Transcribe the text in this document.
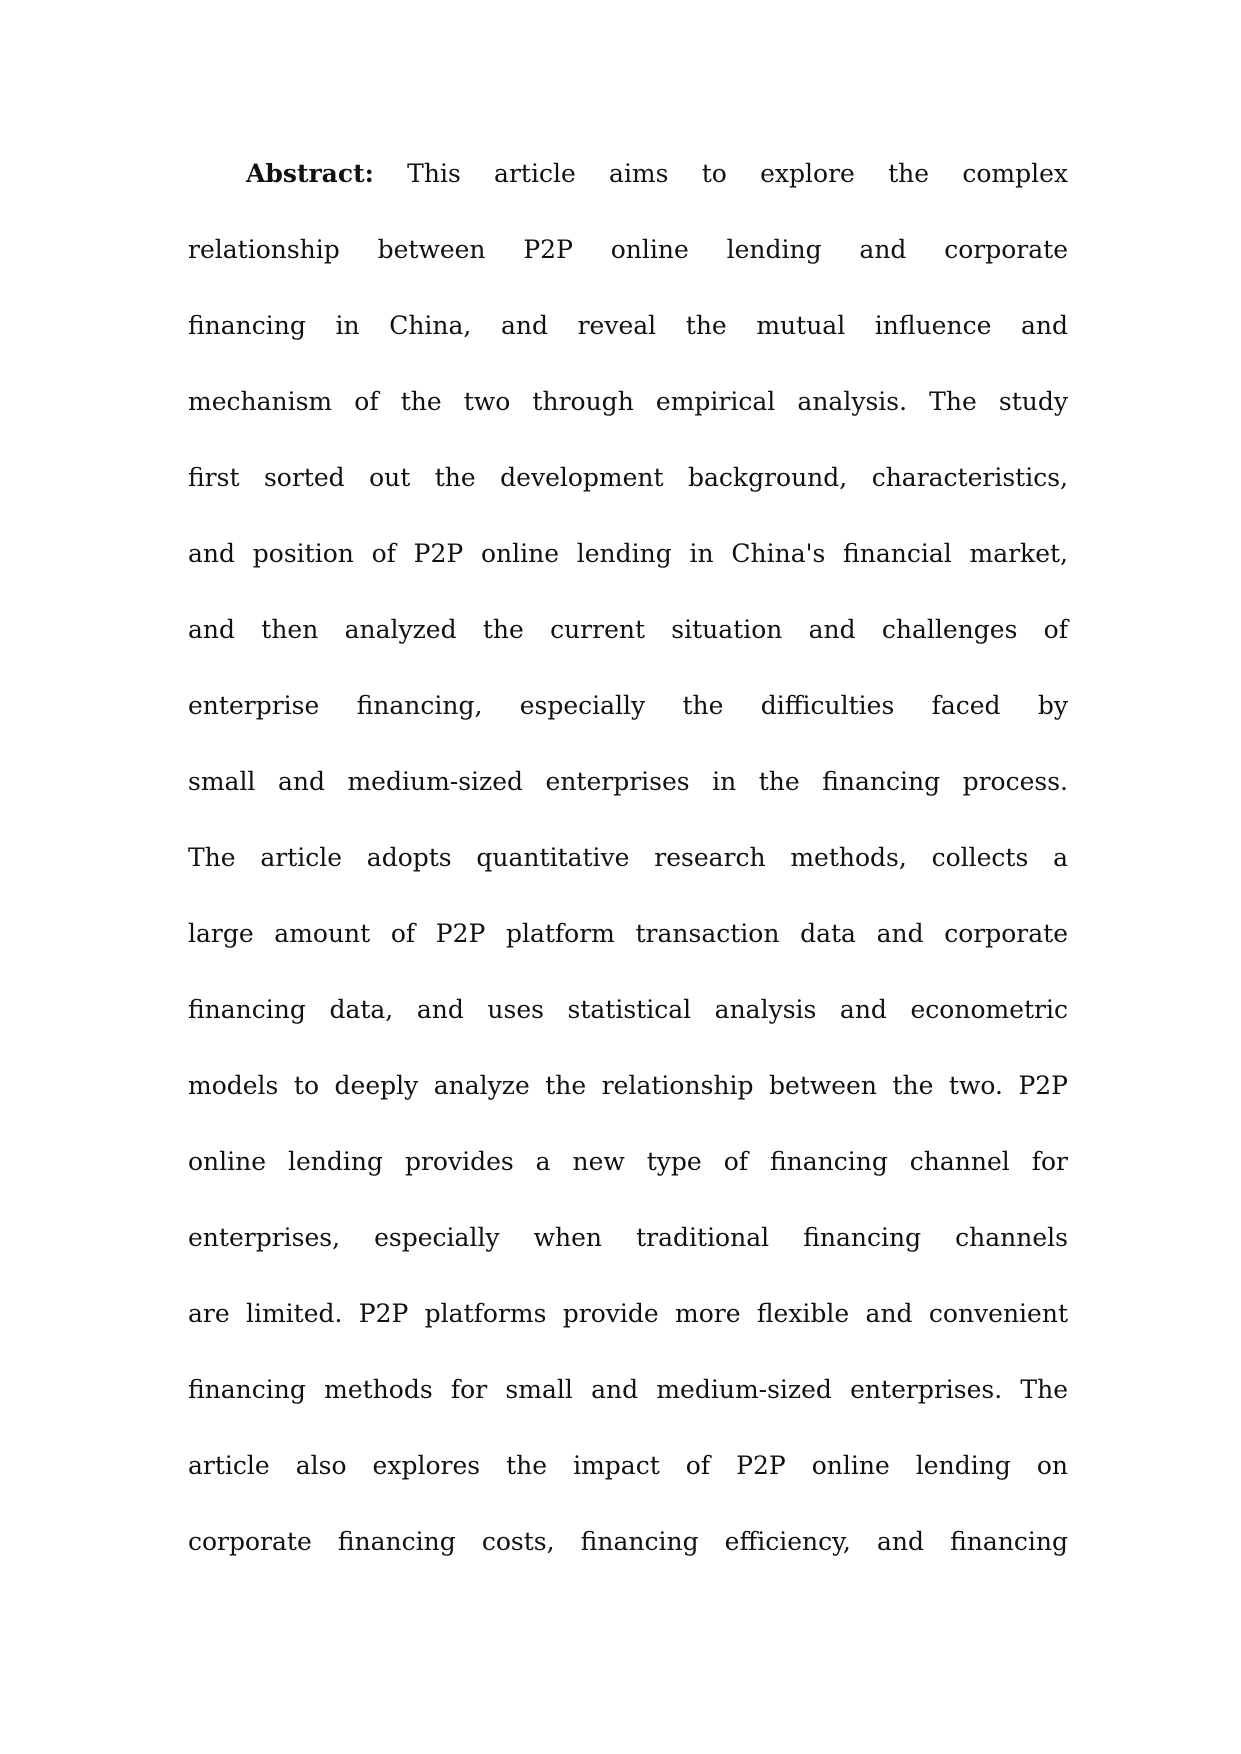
Abstract: This article aims to explore the complex
relationship between P2P online lending and corporate
financing in China, and reveal the mutual influence and
mechanism of the two through empirical analysis. The study
first sorted out the development background, characteristics,
and position of P2P online lending in China's financial market,
and then analyzed the current situation and challenges of
enterprise financing, especially the difficulties faced by
small and medium-sized enterprises in the financing process.
The article adopts quantitative research methods, collects a
large amount of P2P platform transaction data and corporate
financing data, and uses statistical analysis and econometric
models to deeply analyze the relationship between the two. P2P
online lending provides a new type of financing channel for
enterprises, especially when traditional financing channels
are limited. P2P platforms provide more flexible and convenient
financing methods for small and medium-sized enterprises. The
article also explores the impact of P2P online lending on
corporate financing costs, financing efficiency, and financing
